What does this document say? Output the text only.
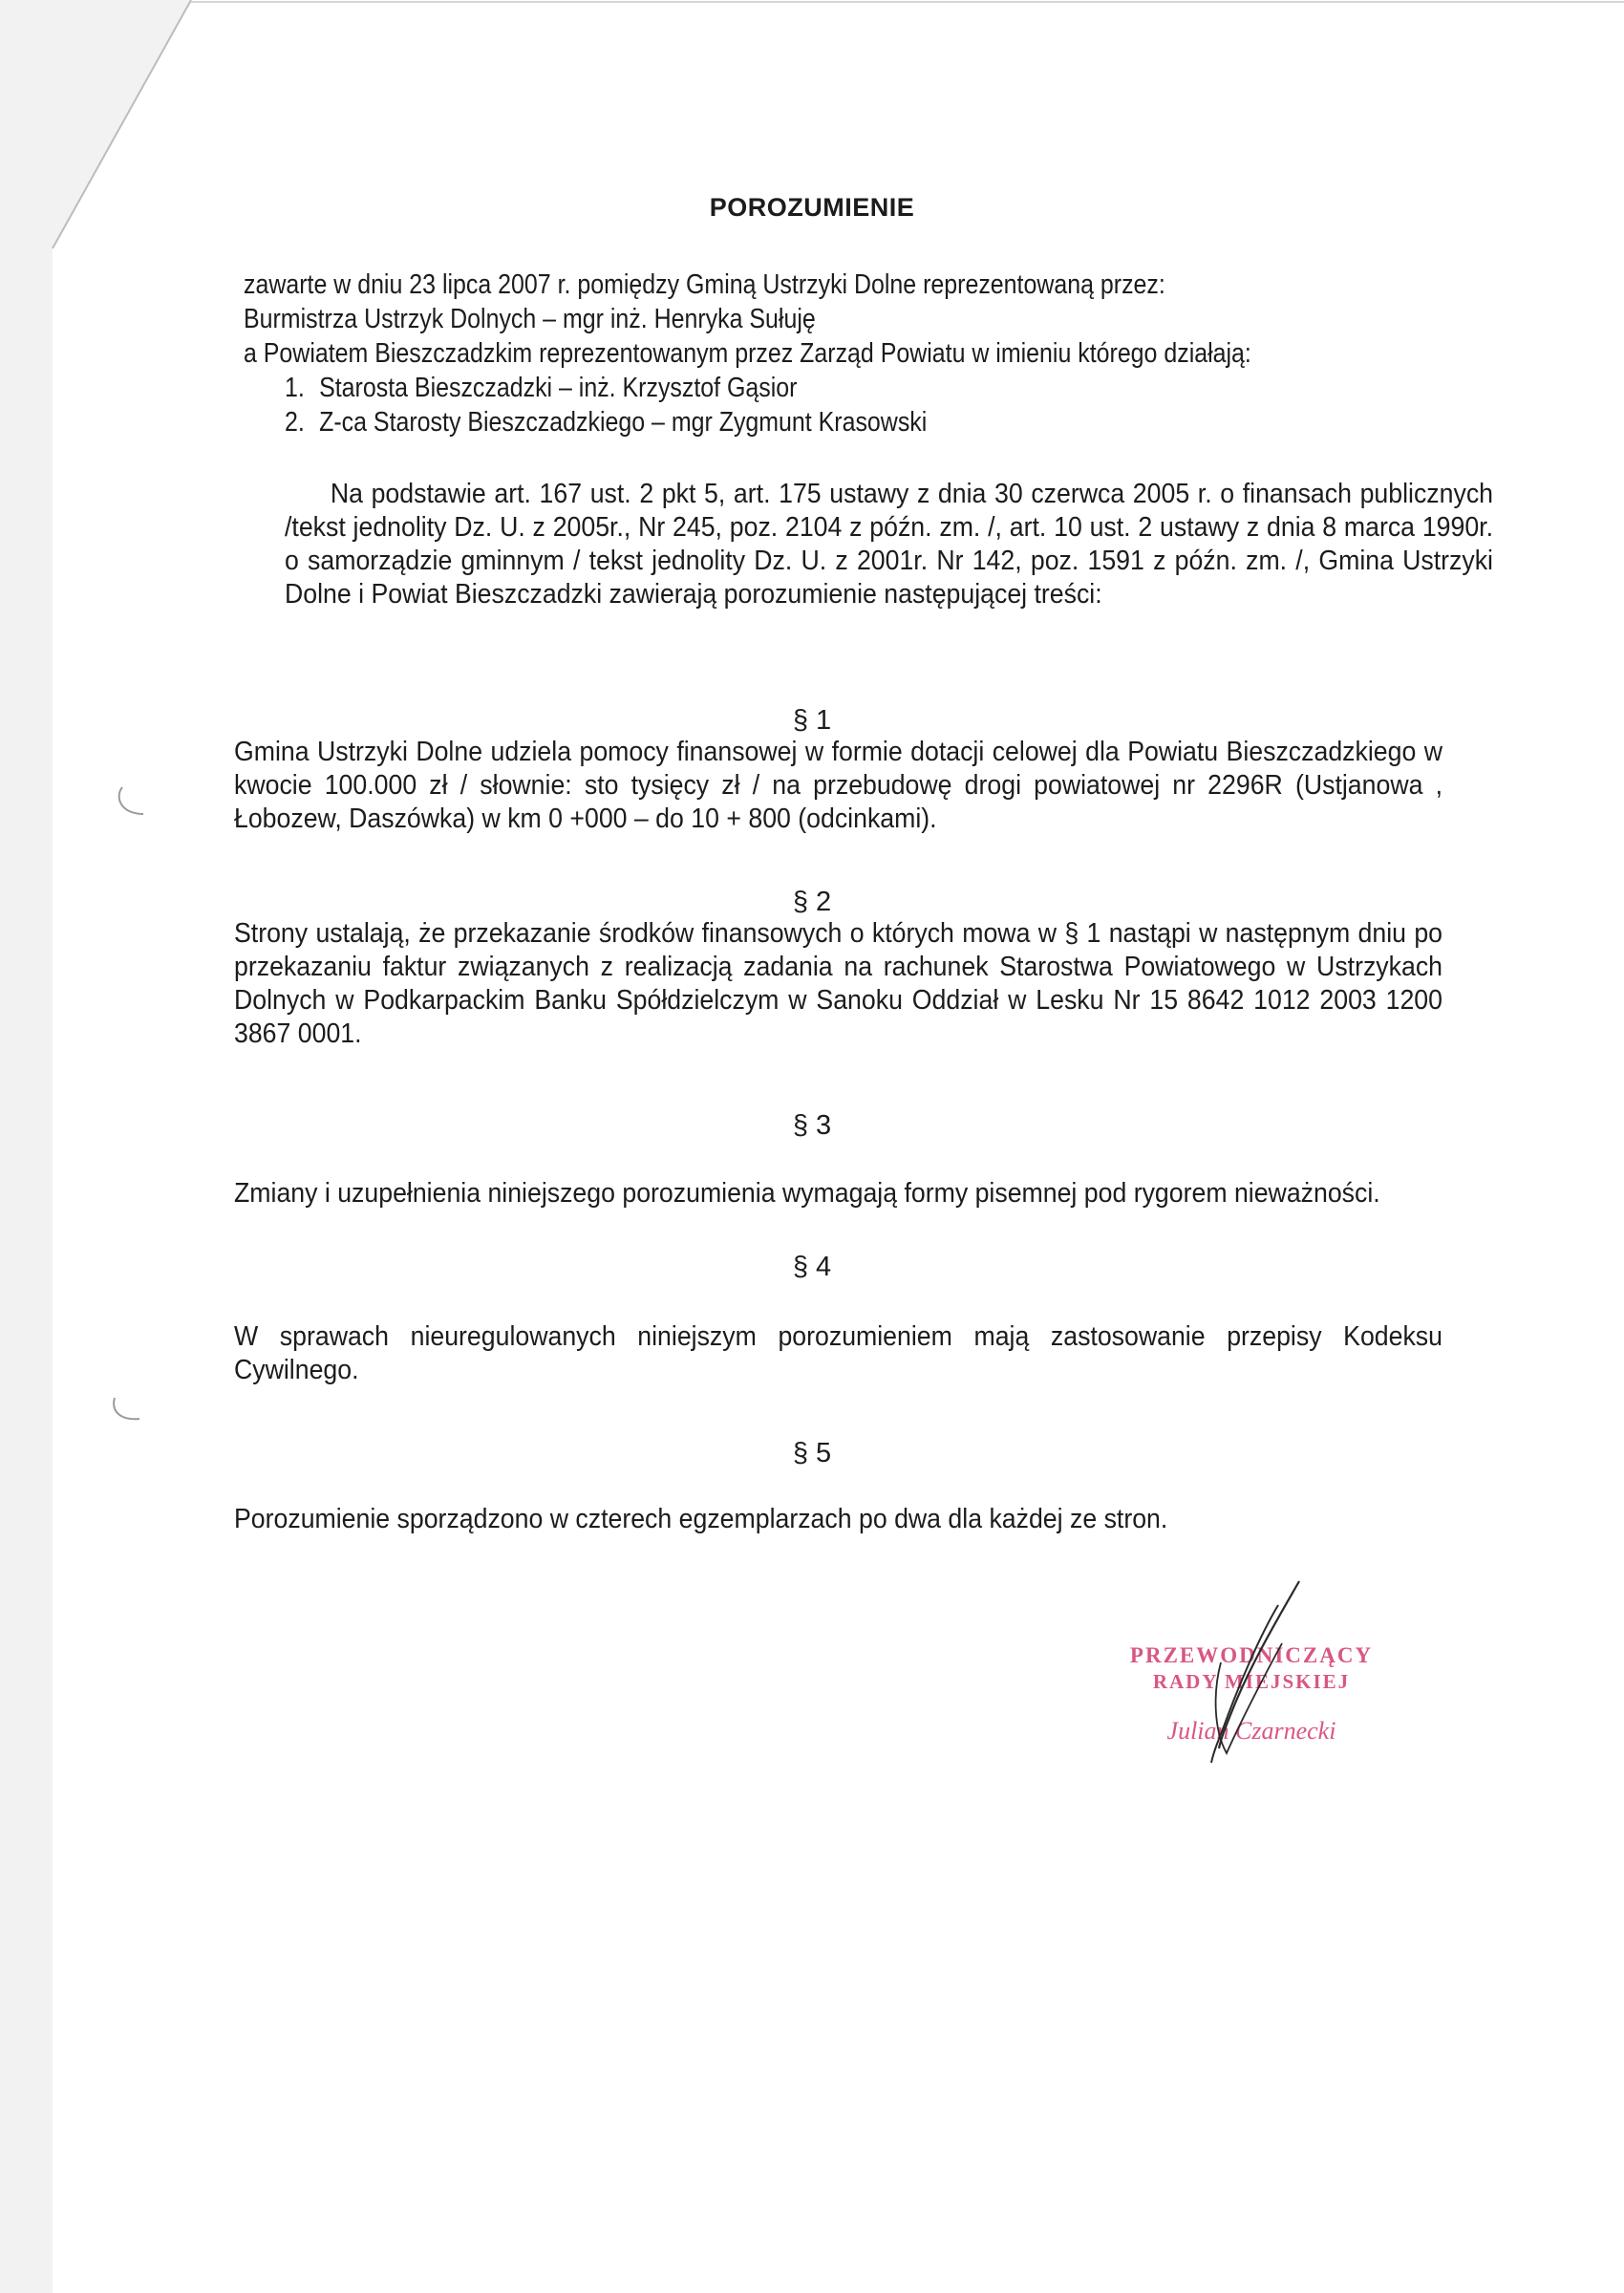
POROZUMIENIE
zawarte w dniu 23 lipca 2007 r. pomiędzy Gminą Ustrzyki Dolne reprezentowaną przez:
Burmistrza Ustrzyk Dolnych – mgr inż. Henryka Sułuję
a Powiatem Bieszczadzkim reprezentowanym przez Zarząd Powiatu w imieniu którego działają:
1. Starosta Bieszczadzki – inż. Krzysztof Gąsior
2. Z-ca Starosty Bieszczadzkiego – mgr Zygmunt Krasowski

Na podstawie art. 167 ust. 2 pkt 5, art. 175 ustawy z dnia 30 czerwca 2005 r. o finansach publicznych /tekst jednolity Dz. U. z 2005r., Nr 245, poz. 2104 z późn. zm. /, art. 10 ust. 2 ustawy z dnia 8 marca 1990r. o samorządzie gminnym / tekst jednolity Dz. U. z 2001r. Nr 142, poz. 1591 z późn. zm. /, Gmina Ustrzyki Dolne i Powiat Bieszczadzki zawierają porozumienie następującej treści:

§ 1

Gmina Ustrzyki Dolne udziela pomocy finansowej w formie dotacji celowej dla Powiatu Bieszczadzkiego w kwocie 100.000 zł / słownie: sto tysięcy zł / na przebudowę drogi powiatowej nr 2296R (Ustjanowa , Łobozew, Daszówka) w km 0 +000 – do 10 + 800 (odcinkami).

§ 2

Strony ustalają, że przekazanie środków finansowych o których mowa w § 1 nastąpi w następnym dniu po przekazaniu faktur związanych z realizacją zadania na rachunek Starostwa Powiatowego w Ustrzykach Dolnych w Podkarpackim Banku Spółdzielczym w Sanoku Oddział w Lesku Nr 15 8642 1012 2003 1200 3867 0001.

§ 3

Zmiany i uzupełnienia niniejszego porozumienia wymagają formy pisemnej pod rygorem nieważności.

§ 4

W sprawach nieuregulowanych niniejszym porozumieniem mają zastosowanie przepisy Kodeksu Cywilnego.

§ 5

Porozumienie sporządzono w czterech egzemplarzach po dwa dla każdej ze stron.

PRZEWODNICZĄCY
RADY MIEJSKIEJ
Julian Czarnecki
